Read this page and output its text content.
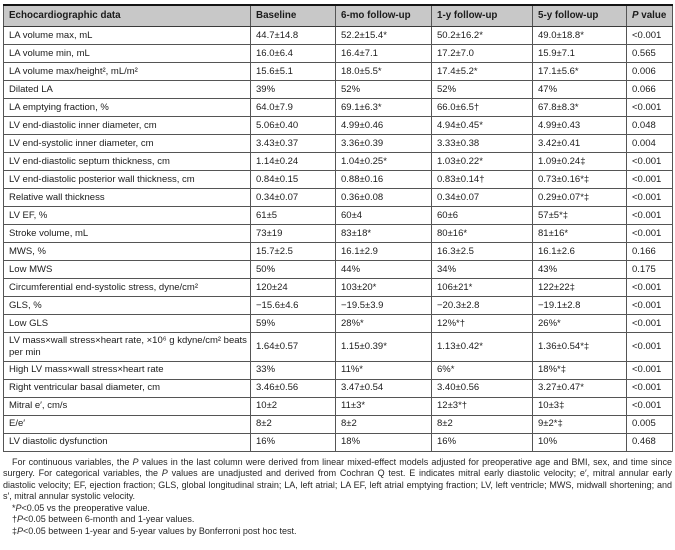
Echocardiographic data	Baseline	6-mo follow-up	1-y follow-up	5-y follow-up	P value
LA volume max, mL	44.7±14.8	52.2±15.4*	50.2±16.2*	49.0±18.8*	<0.001
LA volume min, mL	16.0±6.4	16.4±7.1	17.2±7.0	15.9±7.1	0.565
LA volume max/height², mL/m²	15.6±5.1	18.0±5.5*	17.4±5.2*	17.1±5.6*	0.006
Dilated LA	39%	52%	52%	47%	0.066
LA emptying fraction, %	64.0±7.9	69.1±6.3*	66.0±6.5†	67.8±8.3*	<0.001
LV end-diastolic inner diameter, cm	5.06±0.40	4.99±0.46	4.94±0.45*	4.99±0.43	0.048
LV end-systolic inner diameter, cm	3.43±0.37	3.36±0.39	3.33±0.38	3.42±0.41	0.004
LV end-diastolic septum thickness, cm	1.14±0.24	1.04±0.25*	1.03±0.22*	1.09±0.24‡	<0.001
LV end-diastolic posterior wall thickness, cm	0.84±0.15	0.88±0.16	0.83±0.14†	0.73±0.16*‡	<0.001
Relative wall thickness	0.34±0.07	0.36±0.08	0.34±0.07	0.29±0.07*‡	<0.001
LV EF, %	61±5	60±4	60±6	57±5*‡	<0.001
Stroke volume, mL	73±19	83±18*	80±16*	81±16*	<0.001
MWS, %	15.7±2.5	16.1±2.9	16.3±2.5	16.1±2.6	0.166
Low MWS	50%	44%	34%	43%	0.175
Circumferential end-systolic stress, dyne/cm²	120±24	103±20*	106±21*	122±22‡	<0.001
GLS, %	−15.6±4.6	−19.5±3.9	−20.3±2.8	−19.1±2.8	<0.001
Low GLS	59%	28%*	12%*†	26%*	<0.001
LV mass×wall stress×heart rate, ×10⁶ g kdyne/cm² beats per min	1.64±0.57	1.15±0.39*	1.13±0.42*	1.36±0.54*‡	<0.001
High LV mass×wall stress×heart rate	33%	11%*	6%*	18%*‡	<0.001
Right ventricular basal diameter, cm	3.46±0.56	3.47±0.54	3.40±0.56	3.27±0.47*	<0.001
Mitral e′, cm/s	10±2	11±3*	12±3*†	10±3‡	<0.001
E/e′	8±2	8±2	8±2	9±2*‡	0.005
LV diastolic dysfunction	16%	18%	16%	10%	0.468

For continuous variables, the P values in the last column were derived from linear mixed-effect models adjusted for preoperative age and BMI, sex, and time since surgery. For categorical variables, the P values are unadjusted and derived from Cochran Q test. E indicates mitral early diastolic velocity; e′, mitral annular early diastolic velocity; EF, ejection fraction; GLS, global longitudinal strain; LA, left atrial; LA EF, left atrial emptying fraction; LV, left ventricle; MWS, midwall shortening; and s′, mitral annular systolic velocity.

*P<0.05 vs the preoperative value.

†P<0.05 between 6-month and 1-year values.

‡P<0.05 between 1-year and 5-year values by Bonferroni post hoc test.
